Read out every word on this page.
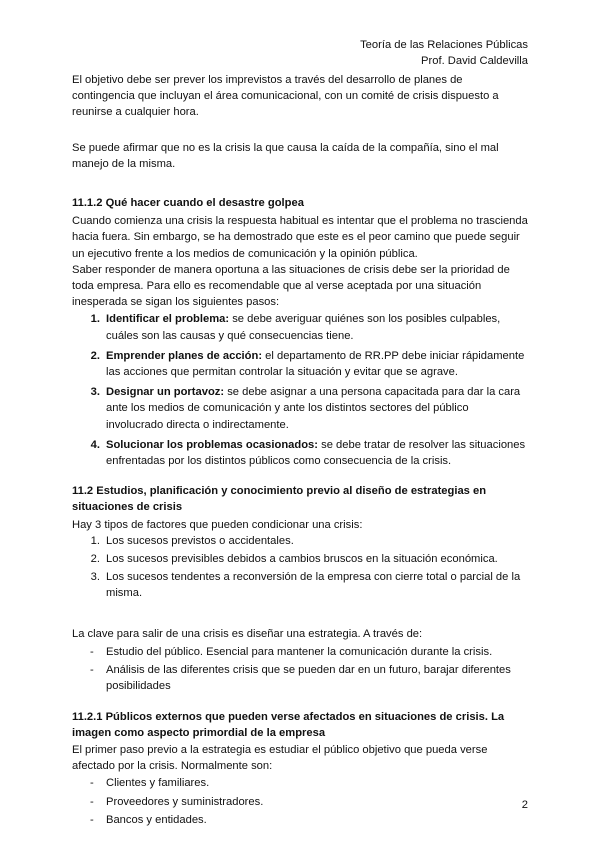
Teoría de las Relaciones Públicas
Prof. David Caldevilla

El objetivo debe ser prever los imprevistos a través del desarrollo de planes de contingencia que incluyan el área comunicacional, con un comité de crisis dispuesto a reunirse a cualquier hora.

Se puede afirmar que no es la crisis la que causa la caída de la compañía, sino el mal manejo de la misma.

11.1.2 Qué hacer cuando el desastre golpea

Cuando comienza una crisis la respuesta habitual es intentar que el problema no trascienda hacia fuera. Sin embargo, se ha demostrado que este es el peor camino que puede seguir un ejecutivo frente a los medios de comunicación y la opinión pública.

Saber responder de manera oportuna a las situaciones de crisis debe ser la prioridad de toda empresa. Para ello es recomendable que al verse aceptada por una situación inesperada se sigan los siguientes pasos:

1. Identificar el problema: se debe averiguar quiénes son los posibles culpables, cuáles son las causas y qué consecuencias tiene.
2. Emprender planes de acción: el departamento de RR.PP debe iniciar rápidamente las acciones que permitan controlar la situación y evitar que se agrave.
3. Designar un portavoz: se debe asignar a una persona capacitada para dar la cara ante los medios de comunicación y ante los distintos sectores del público involucrado directa o indirectamente.
4. Solucionar los problemas ocasionados: se debe tratar de resolver las situaciones enfrentadas por los distintos públicos como consecuencia de la crisis.
11.2 Estudios, planificación y conocimiento previo al diseño de estrategias en situaciones de crisis

Hay 3 tipos de factores que pueden condicionar una crisis:

1. Los sucesos previstos o accidentales.
2. Los sucesos previsibles debidos a cambios bruscos en la situación económica.
3. Los sucesos tendentes a reconversión de la empresa con cierre total o parcial de la misma.

La clave para salir de una crisis es diseñar una estrategia. A través de:

-	Estudio del público. Esencial para mantener la comunicación durante la crisis.
-	Análisis de las diferentes crisis que se pueden dar en un futuro, barajar diferentes posibilidades
11.2.1 Públicos externos que pueden verse afectados en situaciones de crisis. La imagen como aspecto primordial de la empresa

El primer paso previo a la estrategia es estudiar el público objetivo que pueda verse afectado por la crisis. Normalmente son:

-	Clientes y familiares.
-	Proveedores y suministradores.
-	Bancos y entidades.
2
